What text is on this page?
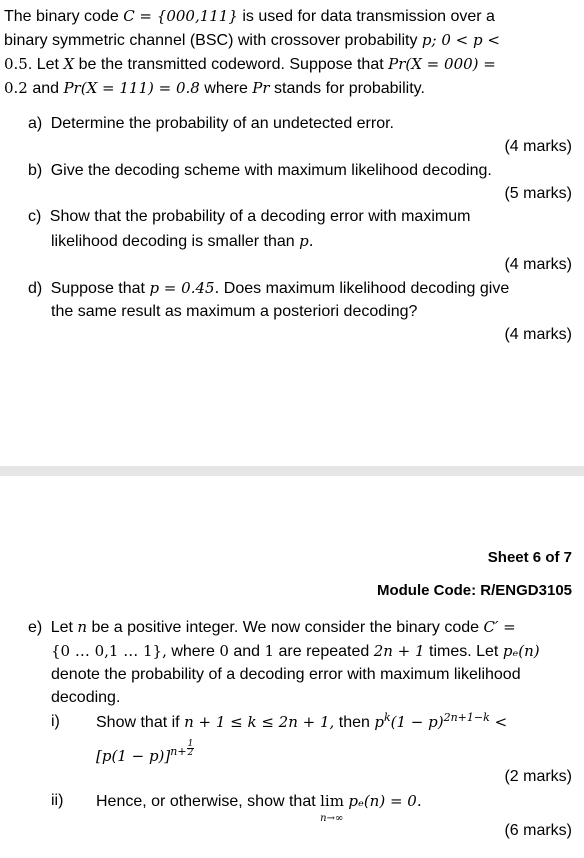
The binary code C = {000,111} is used for data transmission over a
binary symmetric channel (BSC) with crossover probability p; 0 < p <
0.5. Let X be the transmitted codeword. Suppose that Pr(X = 000) =
0.2 and Pr(X = 111) = 0.8 where Pr stands for probability.
a) Determine the probability of an undetected error.
(4 marks)
b) Give the decoding scheme with maximum likelihood decoding.
(5 marks)
c) Show that the probability of a decoding error with maximum
likelihood decoding is smaller than p.
(4 marks)
d) Suppose that p = 0.45. Does maximum likelihood decoding give
the same result as maximum a posteriori decoding?
(4 marks)
Sheet 6 of 7
Module Code: R/ENGD3105
e) Let n be a positive integer. We now consider the binary code C′ =
{0 … 0,1 … 1}, where 0 and 1 are repeated 2n + 1 times. Let pₑ(n)
denote the probability of a decoding error with maximum likelihood
decoding.
i) Show that if n + 1 ≤ k ≤ 2n + 1, then $p^k(1 - p)^{2n+1-k}$ <
$[p(1 - p)]^{n+} \frac{1}{2}$
(2 marks)
ii) Hence, or otherwise, show that lim
n→∞
pₑ(n) = 0.
(6 marks)
